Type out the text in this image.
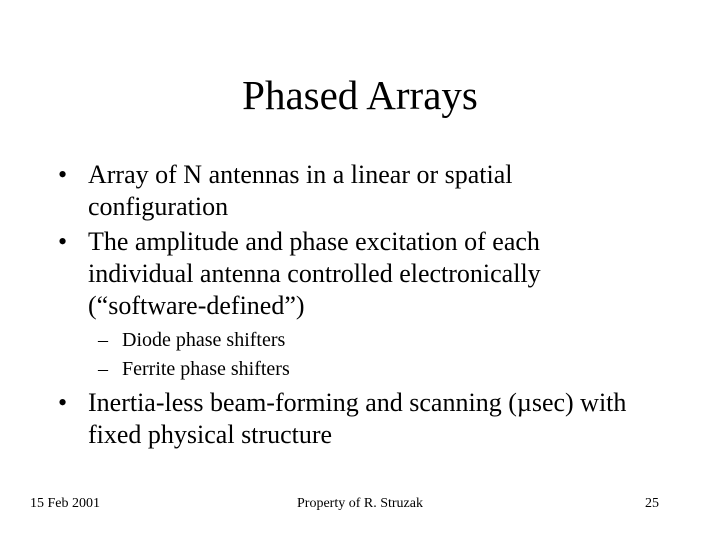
Phased Arrays
• Array of N antennas in a linear or spatial configuration
• The amplitude and phase excitation of each individual antenna controlled electronically (“software-defined”)
– Diode phase shifters
– Ferrite phase shifters
• Inertia-less beam-forming and scanning (µsec) with fixed physical structure
15 Feb 2001	Property of R. Struzak	25
